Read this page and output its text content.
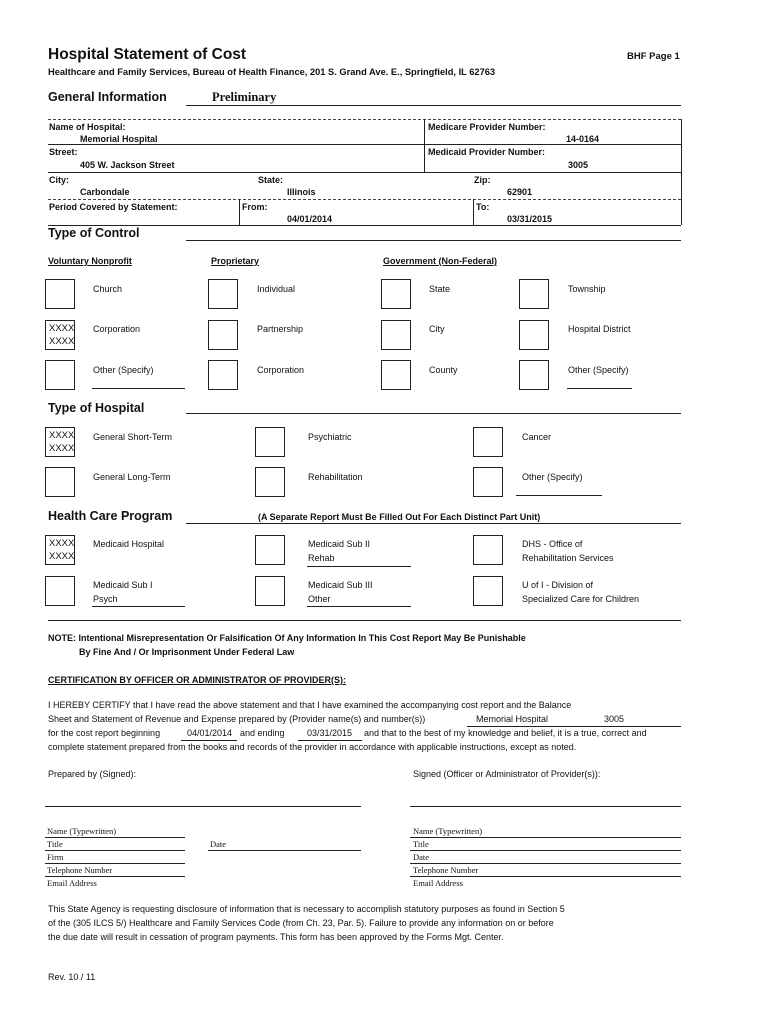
Hospital Statement of Cost	BHF Page 1
Healthcare and Family Services, Bureau of Health Finance, 201 S. Grand Ave. E., Springfield, IL 62763
General Information	Preliminary
Name of Hospital:
Memorial Hospital
Medicare Provider Number:
14-0164
Street:
405 W. Jackson Street
Medicaid Provider Number:
3005
City:
Carbondale
State:
Illinois
Zip:
62901
Period Covered by Statement:	From:
04/01/2014
To:
03/31/2015
Type of Control
Voluntary Nonprofit	Proprietary	Government (Non-Federal)
Church	Individual	State	Township
XXXX
XXXX
Corporation	Partnership	City	Hospital District
Other (Specify)	Corporation	County	Other (Specify)
Type of Hospital
XXXX
XXXX
General Short-Term	Psychiatric	Cancer
General Long-Term	Rehabilitation	Other (Specify)
Health Care Program	(A Separate Report Must Be Filled Out For Each Distinct Part Unit)
XXXX
XXXX
Medicaid Hospital	Medicaid Sub II
Rehab
DHS - Office of
Rehabilitation Services
Medicaid Sub I
Psych
Medicaid Sub III
Other
U of I - Division of
Specialized Care for Children
NOTE: Intentional Misrepresentation Or Falsification Of Any Information In This Cost Report May Be Punishable
By Fine And / Or Imprisonment Under Federal Law
CERTIFICATION BY OFFICER OR ADMINISTRATOR OF PROVIDER(S):
I HEREBY CERTIFY that I have read the above statement and that I have examined the accompanying cost report and the Balance
Sheet and Statement of Revenue and Expense prepared by (Provider name(s) and number(s))	Memorial Hospital	3005
for the cost report beginning	04/01/2014 and ending 03/31/2015 and that to the best of my knowledge and belief, it is a true, correct and
complete statement prepared from the books and records of the provider in accordance with applicable instructions, except as noted.
Prepared by (Signed):	Signed (Officer or Administrator of Provider(s)):
Name (Typewritten)
Title	Date
Firm
Telephone Number
Email Address
Name (Typewritten)
Title
Date
Telephone Number
Email Address
This State Agency is requesting disclosure of information that is necessary to accomplish statutory purposes as found in Section 5
of the (305 ILCS 5/) Healthcare and Family Services Code (from Ch. 23, Par. 5). Failure to provide any information on or before
the due date will result in cessation of program payments. This form has been approved by the Forms Mgt. Center.
Rev. 10 / 11
